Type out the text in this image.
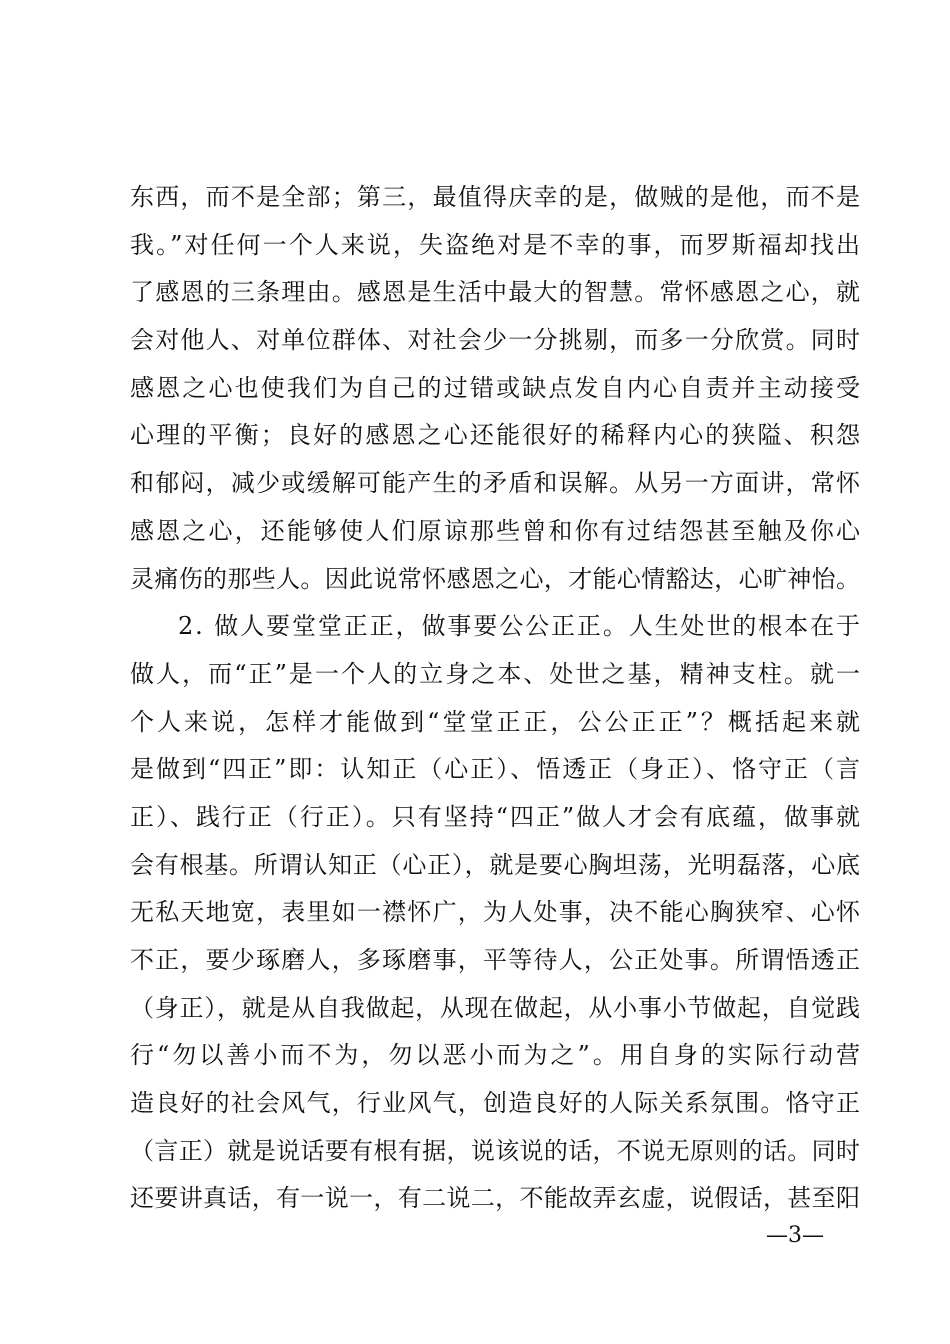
东西，而不是全部；第三，最值得庆幸的是，做贼的是他，而不是
我。”对任何一个人来说，失盗绝对是不幸的事，而罗斯福却找出
了感恩的三条理由。感恩是生活中最大的智慧。常怀感恩之心，就
会对他人、对单位群体、对社会少一分挑剔，而多一分欣赏。同时
感恩之心也使我们为自己的过错或缺点发自内心自责并主动接受
心理的平衡；良好的感恩之心还能很好的稀释内心的狭隘、积怨
和郁闷，减少或缓解可能产生的矛盾和误解。从另一方面讲，常怀
感恩之心，还能够使人们原谅那些曾和你有过结怨甚至触及你心
灵痛伤的那些人。因此说常怀感恩之心，才能心情豁达，心旷神怡。
2. 做人要堂堂正正，做事要公公正正。人生处世的根本在于
做人，而“正”是一个人的立身之本、处世之基，精神支柱。就一
个人来说，怎样才能做到“堂堂正正，公公正正”？概括起来就
是做到“四正”即：认知正（心正）、悟透正（身正）、恪守正（言
正）、践行正（行正）。只有坚持“四正”做人才会有底蕴，做事就
会有根基。所谓认知正（心正），就是要心胸坦荡，光明磊落，心底
无私天地宽，表里如一襟怀广，为人处事，决不能心胸狭窄、心怀
不正，要少琢磨人，多琢磨事，平等待人，公正处事。所谓悟透正
（身正），就是从自我做起，从现在做起，从小事小节做起，自觉践
行“勿以善小而不为，勿以恶小而为之”。用自身的实际行动营
造良好的社会风气，行业风气，创造良好的人际关系氛围。恪守正
（言正）就是说话要有根有据，说该说的话，不说无原则的话。同时
还要讲真话，有一说一，有二说二，不能故弄玄虚，说假话，甚至阳
—3—
